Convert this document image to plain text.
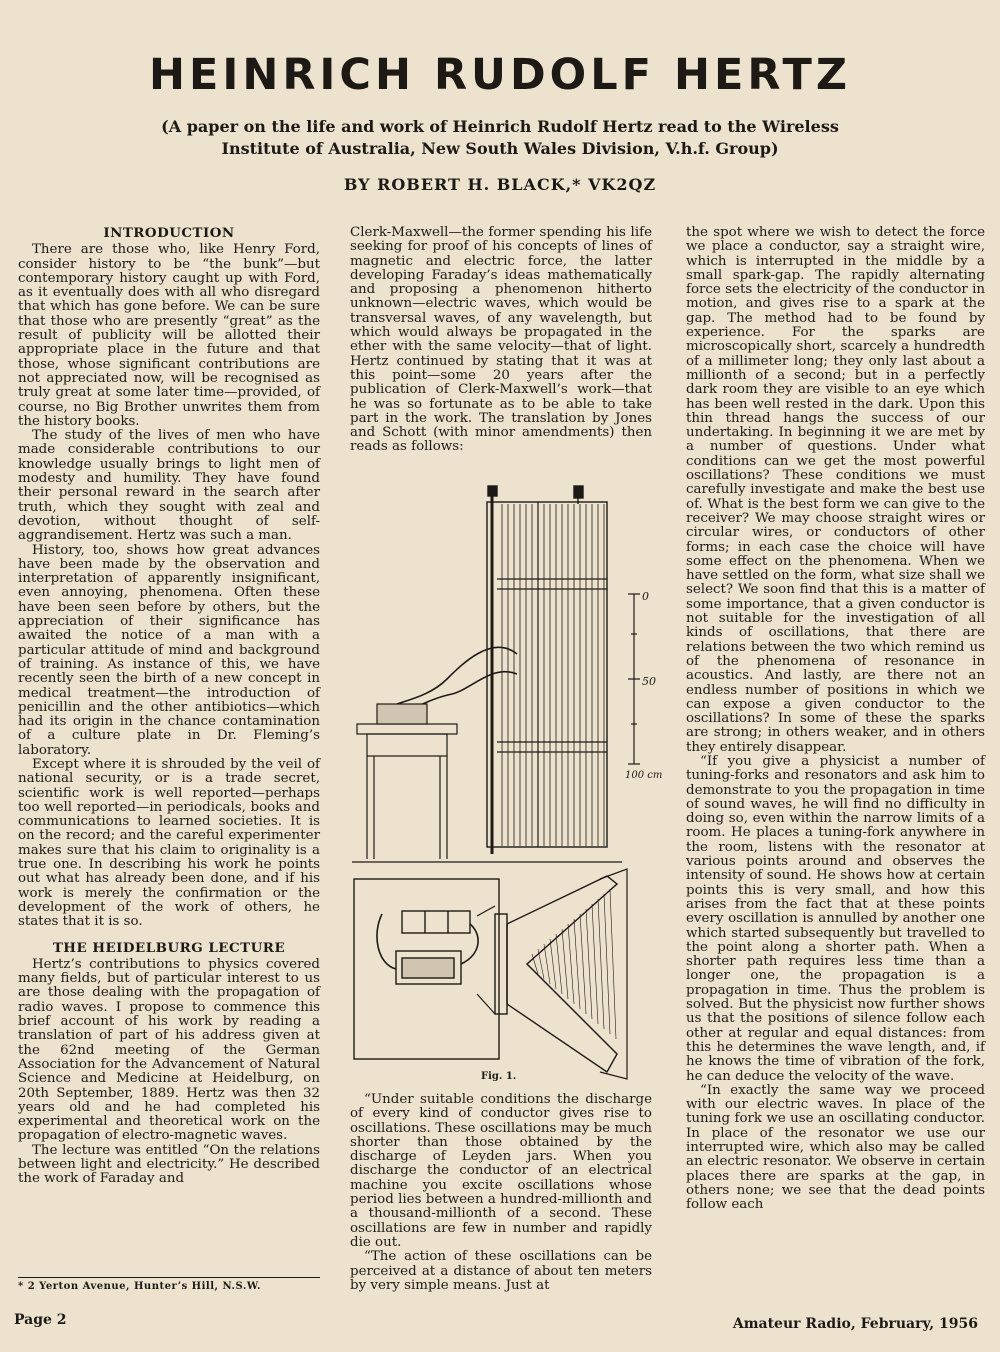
HEINRICH RUDOLF HERTZ

(A paper on the life and work of Heinrich Rudolf Hertz read to the Wireless Institute of Australia, New South Wales Division, V.h.f. Group)

BY ROBERT H. BLACK,* VK2QZ

INTRODUCTION

There are those who, like Henry Ford, consider history to be “the bunk”—but contemporary history caught up with Ford, as it eventually does with all who disregard that which has gone before. We can be sure that those who are presently “great” as the result of publicity will be allotted their appropriate place in the future and that those, whose significant contributions are not appreciated now, will be recognised as truly great at some later time—provided, of course, no Big Brother unwrites them from the history books.

The study of the lives of men who have made considerable contributions to our knowledge usually brings to light men of modesty and humility. They have found their personal reward in the search after truth, which they sought with zeal and devotion, without thought of self-aggrandisement. Hertz was such a man.

History, too, shows how great advances have been made by the observation and interpretation of apparently insignificant, even annoying, phenomena. Often these have been seen before by others, but the appreciation of their significance has awaited the notice of a man with a particular attitude of mind and background of training. As instance of this, we have recently seen the birth of a new concept in medical treatment—the introduction of penicillin and the other antibiotics—which had its origin in the chance contamination of a culture plate in Dr. Fleming’s laboratory.

Except where it is shrouded by the veil of national security, or is a trade secret, scientific work is well reported—perhaps too well reported—in periodicals, books and communications to learned societies. It is on the record; and the careful experimenter makes sure that his claim to originality is a true one. In describing his work he points out what has already been done, and if his work is merely the confirmation or the development of the work of others, he states that it is so.

THE HEIDELBURG LECTURE

Hertz’s contributions to physics covered many fields, but of particular interest to us are those dealing with the propagation of radio waves. I propose to commence this brief account of his work by reading a translation of part of his address given at the 62nd meeting of the German Association for the Advancement of Natural Science and Medicine at Heidelburg, on 20th September, 1889. Hertz was then 32 years old and he had completed his experimental and theoretical work on the propagation of electro-magnetic waves.

The lecture was entitled “On the relations between light and electricity.” He described the work of Faraday and

Clerk-Maxwell—the former spending his life seeking for proof of his concepts of lines of magnetic and electric force, the latter developing Faraday’s ideas mathematically and proposing a phenomenon hitherto unknown—electric waves, which would be transversal waves, of any wavelength, but which would always be propagated in the ether with the same velocity—that of light. Hertz continued by stating that it was at this point—some 20 years after the publication of Clerk-Maxwell’s work—that he was so fortunate as to be able to take part in the work. The translation by Jones and Schott (with minor amendments) then reads as follows:

0
50
100 cm
Fig. 1.

“Under suitable conditions the discharge of every kind of conductor gives rise to oscillations. These oscillations may be much shorter than those obtained by the discharge of Leyden jars. When you discharge the conductor of an electrical machine you excite oscillations whose period lies between a hundred-millionth and a thousand-millionth of a second. These oscillations are few in number and rapidly die out.

“The action of these oscillations can be perceived at a distance of about ten meters by very simple means. Just at

the spot where we wish to detect the force we place a conductor, say a straight wire, which is interrupted in the middle by a small spark-gap. The rapidly alternating force sets the electricity of the conductor in motion, and gives rise to a spark at the gap. The method had to be found by experience. For the sparks are microscopically short, scarcely a hundredth of a millimeter long; they only last about a millionth of a second; but in a perfectly dark room they are visible to an eye which has been well rested in the dark. Upon this thin thread hangs the success of our undertaking. In beginning it we are met by a number of questions. Under what conditions can we get the most powerful oscillations? These conditions we must carefully investigate and make the best use of. What is the best form we can give to the receiver? We may choose straight wires or circular wires, or conductors of other forms; in each case the choice will have some effect on the phenomena. When we have settled on the form, what size shall we select? We soon find that this is a matter of some importance, that a given conductor is not suitable for the investigation of all kinds of oscillations, that there are relations between the two which remind us of the phenomena of resonance in acoustics. And lastly, are there not an endless number of positions in which we can expose a given conductor to the oscillations? In some of these the sparks are strong; in others weaker, and in others they entirely disappear.

“If you give a physicist a number of tuning-forks and resonators and ask him to demonstrate to you the propagation in time of sound waves, he will find no difficulty in doing so, even within the narrow limits of a room. He places a tuning-fork anywhere in the room, listens with the resonator at various points around and observes the intensity of sound. He shows how at certain points this is very small, and how this arises from the fact that at these points every oscillation is annulled by another one which started subsequently but travelled to the point along a shorter path. When a shorter path requires less time than a longer one, the propagation is a propagation in time. Thus the problem is solved. But the physicist now further shows us that the positions of silence follow each other at regular and equal distances: from this he determines the wave length, and, if he knows the time of vibration of the fork, he can deduce the velocity of the wave.

“In exactly the same way we proceed with our electric waves. In place of the tuning fork we use an oscillating conductor. In place of the resonator we use our interrupted wire, which also may be called an electric resonator. We observe in certain places there are sparks at the gap, in others none; we see that the dead points follow each

* 2 Yerton Avenue, Hunter’s Hill, N.S.W.
Page 2	Amateur Radio, February, 1956
